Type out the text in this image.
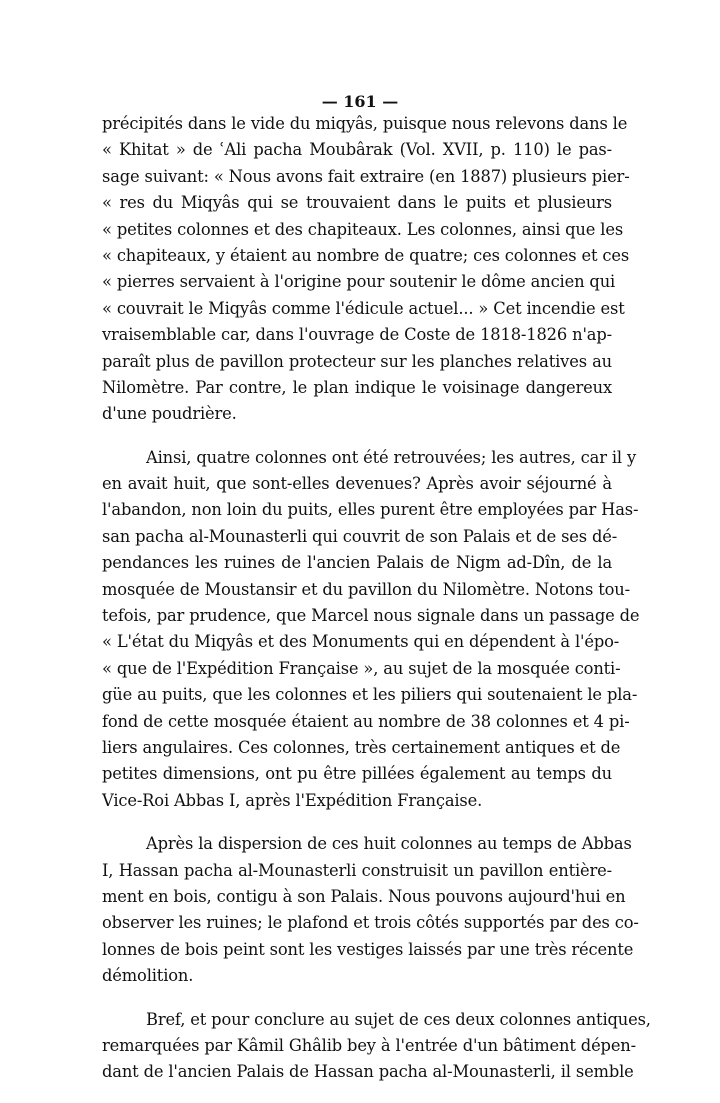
— 161 —
précipités dans le vide du miqyâs, puisque nous relevons dans le
« Khitat » de ʿAli pacha Moubârak (Vol. XVII, p. 110) le pas-
sage suivant: « Nous avons fait extraire (en 1887) plusieurs pier-
« res du Miqyâs qui se trouvaient dans le puits et plusieurs
« petites colonnes et des chapiteaux. Les colonnes, ainsi que les
« chapiteaux, y étaient au nombre de quatre; ces colonnes et ces
« pierres servaient à l'origine pour soutenir le dôme ancien qui
« couvrait le Miqyâs comme l'édicule actuel... » Cet incendie est
vraisemblable car, dans l'ouvrage de Coste de 1818-1826 n'ap-
paraît plus de pavillon protecteur sur les planches relatives au
Nilomètre. Par contre, le plan indique le voisinage dangereux
d'une poudrière.
Ainsi, quatre colonnes ont été retrouvées; les autres, car il y
en avait huit, que sont-elles devenues? Après avoir séjourné à
l'abandon, non loin du puits, elles purent être employées par Has-
san pacha al-Mounasterli qui couvrit de son Palais et de ses dé-
pendances les ruines de l'ancien Palais de Nigm ad-Dîn, de la
mosquée de Moustansir et du pavillon du Nilomètre. Notons tou-
tefois, par prudence, que Marcel nous signale dans un passage de
« L'état du Miqyâs et des Monuments qui en dépendent à l'épo-
« que de l'Expédition Française », au sujet de la mosquée conti-
güe au puits, que les colonnes et les piliers qui soutenaient le pla-
fond de cette mosquée étaient au nombre de 38 colonnes et 4 pi-
liers angulaires. Ces colonnes, très certainement antiques et de
petites dimensions, ont pu être pillées également au temps du
Vice-Roi Abbas I, après l'Expédition Française.
Après la dispersion de ces huit colonnes au temps de Abbas
I, Hassan pacha al-Mounasterli construisit un pavillon entière-
ment en bois, contigu à son Palais. Nous pouvons aujourd'hui en
observer les ruines; le plafond et trois côtés supportés par des co-
lonnes de bois peint sont les vestiges laissés par une très récente
démolition.
Bref, et pour conclure au sujet de ces deux colonnes antiques,
remarquées par Kâmil Ghâlib bey à l'entrée d'un bâtiment dépen-
dant de l'ancien Palais de Hassan pacha al-Mounasterli, il semble
